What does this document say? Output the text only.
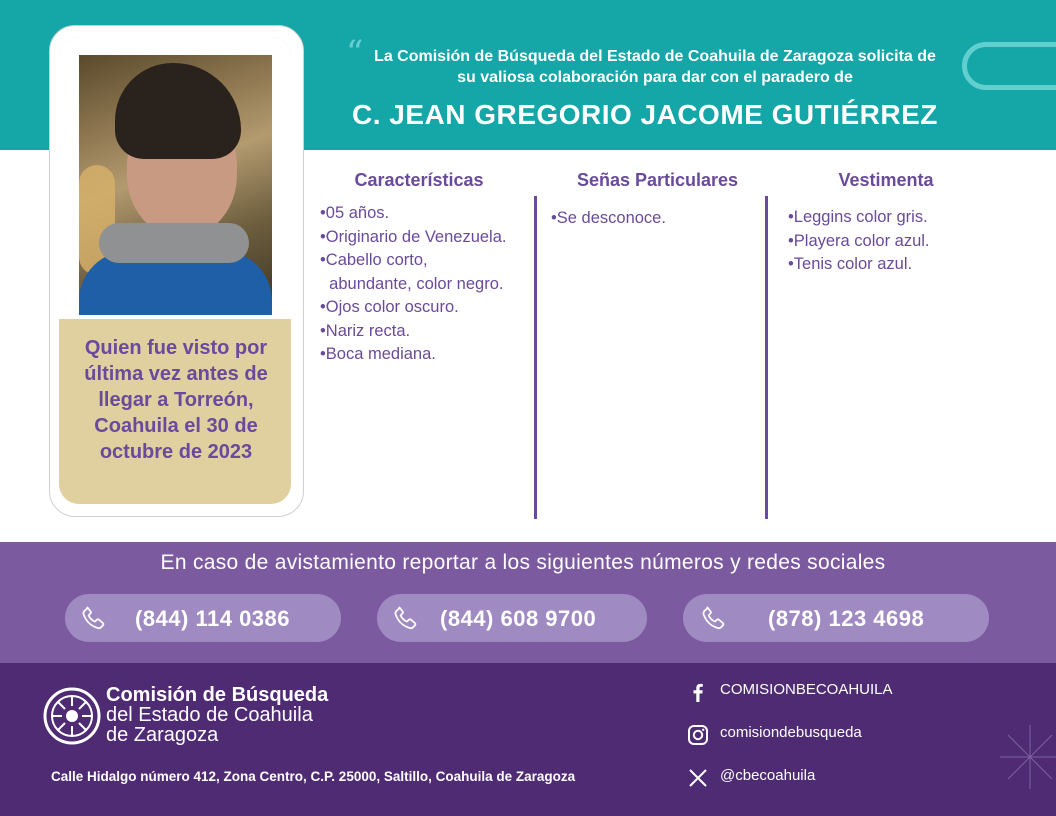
“ La Comisión de Búsqueda del Estado de Coahuila de Zaragoza solicita de
su valiosa colaboración para dar con el paradero de
C. JEAN GREGORIO JACOME GUTIÉRREZ
Quien fue visto por
última vez antes de
llegar a Torreón,
Coahuila el 30 de
octubre de 2023
Características
•05 años.
•Originario de Venezuela.
•Cabello corto,
abundante, color negro.
•Ojos color oscuro.
•Nariz recta.
•Boca mediana.
Señas Particulares
•Se desconoce.
Vestimenta
•Leggins color gris.
•Playera color azul.
•Tenis color azul.
En caso de avistamiento reportar a los siguientes números y redes sociales
(844) 114 0386	(844) 608 9700	(878) 123 4698
Comisión de Búsqueda
del Estado de Coahuila
de Zaragoza
Calle Hidalgo número 412, Zona Centro, C.P. 25000, Saltillo, Coahuila de Zaragoza
COMISIONBECOAHUILA
comisiondebusqueda
@cbecoahuila
